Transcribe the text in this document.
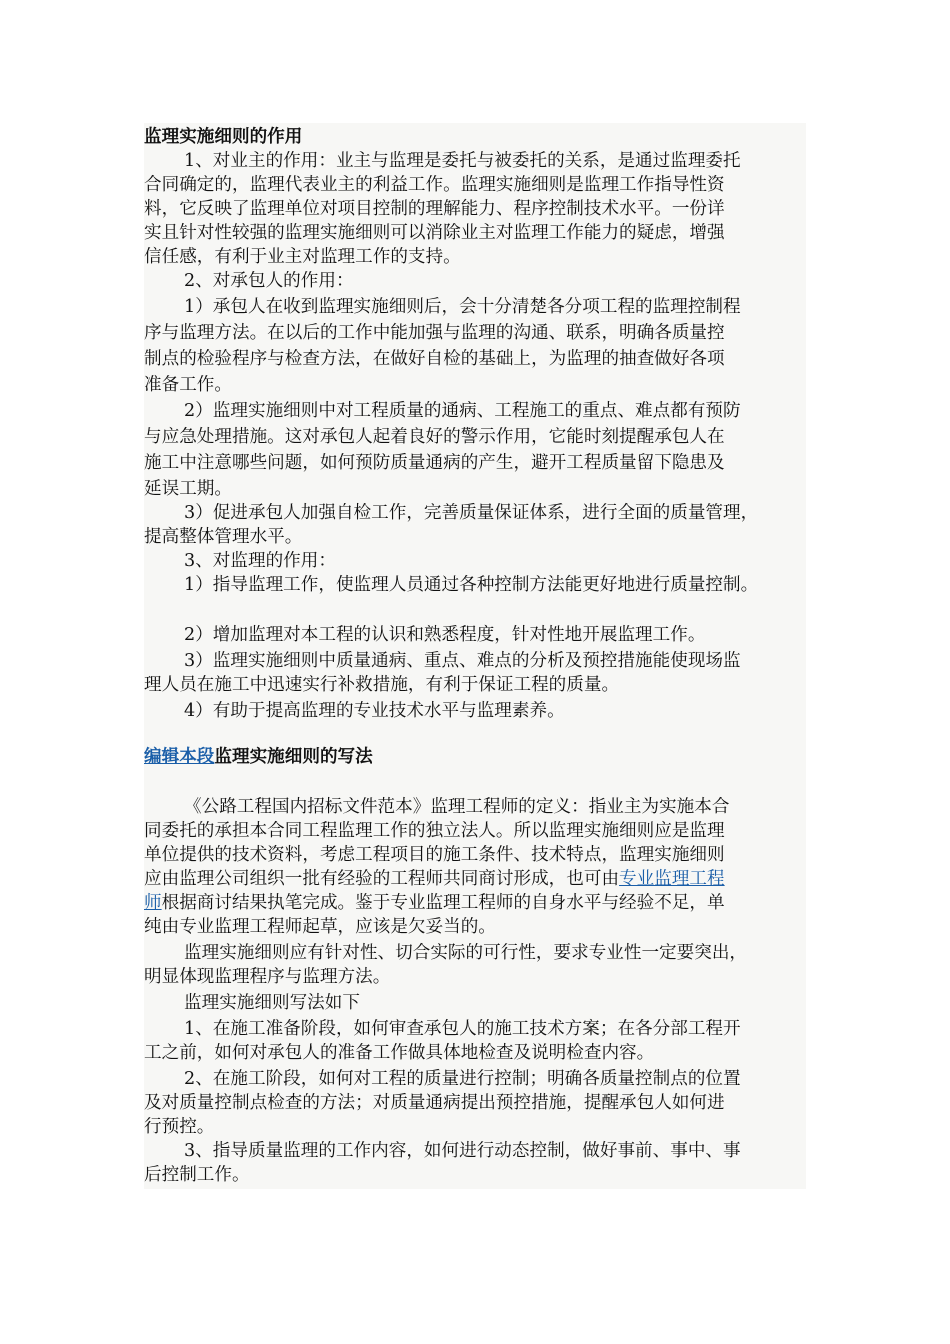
监理实施细则的作用
1、对业主的作用：业主与监理是委托与被委托的关系，是通过监理委托
合同确定的，监理代表业主的利益工作。监理实施细则是监理工作指导性资
料，它反映了监理单位对项目控制的理解能力、程序控制技术水平。一份详
实且针对性较强的监理实施细则可以消除业主对监理工作能力的疑虑，增强
信任感，有利于业主对监理工作的支持。
2、对承包人的作用：
1）承包人在收到监理实施细则后，会十分清楚各分项工程的监理控制程
序与监理方法。在以后的工作中能加强与监理的沟通、联系，明确各质量控
制点的检验程序与检查方法，在做好自检的基础上，为监理的抽查做好各项
准备工作。
2）监理实施细则中对工程质量的通病、工程施工的重点、难点都有预防
与应急处理措施。这对承包人起着良好的警示作用，它能时刻提醒承包人在
施工中注意哪些问题，如何预防质量通病的产生，避开工程质量留下隐患及
延误工期。
3）促进承包人加强自检工作，完善质量保证体系，进行全面的质量管理，
提高整体管理水平。
3、对监理的作用：
1）指导监理工作，使监理人员通过各种控制方法能更好地进行质量控制。
2）增加监理对本工程的认识和熟悉程度，针对性地开展监理工作。
3）监理实施细则中质量通病、重点、难点的分析及预控措施能使现场监
理人员在施工中迅速实行补救措施，有利于保证工程的质量。
4）有助于提高监理的专业技术水平与监理素养。
编辑本段监理实施细则的写法
《公路工程国内招标文件范本》监理工程师的定义：指业主为实施本合
同委托的承担本合同工程监理工作的独立法人。所以监理实施细则应是监理
单位提供的技术资料，考虑工程项目的施工条件、技术特点，监理实施细则
应由监理公司组织一批有经验的工程师共同商讨形成，也可由专业监理工程
师根据商讨结果执笔完成。鉴于专业监理工程师的自身水平与经验不足，单
纯由专业监理工程师起草，应该是欠妥当的。
监理实施细则应有针对性、切合实际的可行性，要求专业性一定要突出，
明显体现监理程序与监理方法。
监理实施细则写法如下
1、在施工准备阶段，如何审查承包人的施工技术方案；在各分部工程开
工之前，如何对承包人的准备工作做具体地检查及说明检查内容。
2、在施工阶段，如何对工程的质量进行控制；明确各质量控制点的位置
及对质量控制点检查的方法；对质量通病提出预控措施，提醒承包人如何进
行预控。
3、指导质量监理的工作内容，如何进行动态控制，做好事前、事中、事
后控制工作。
